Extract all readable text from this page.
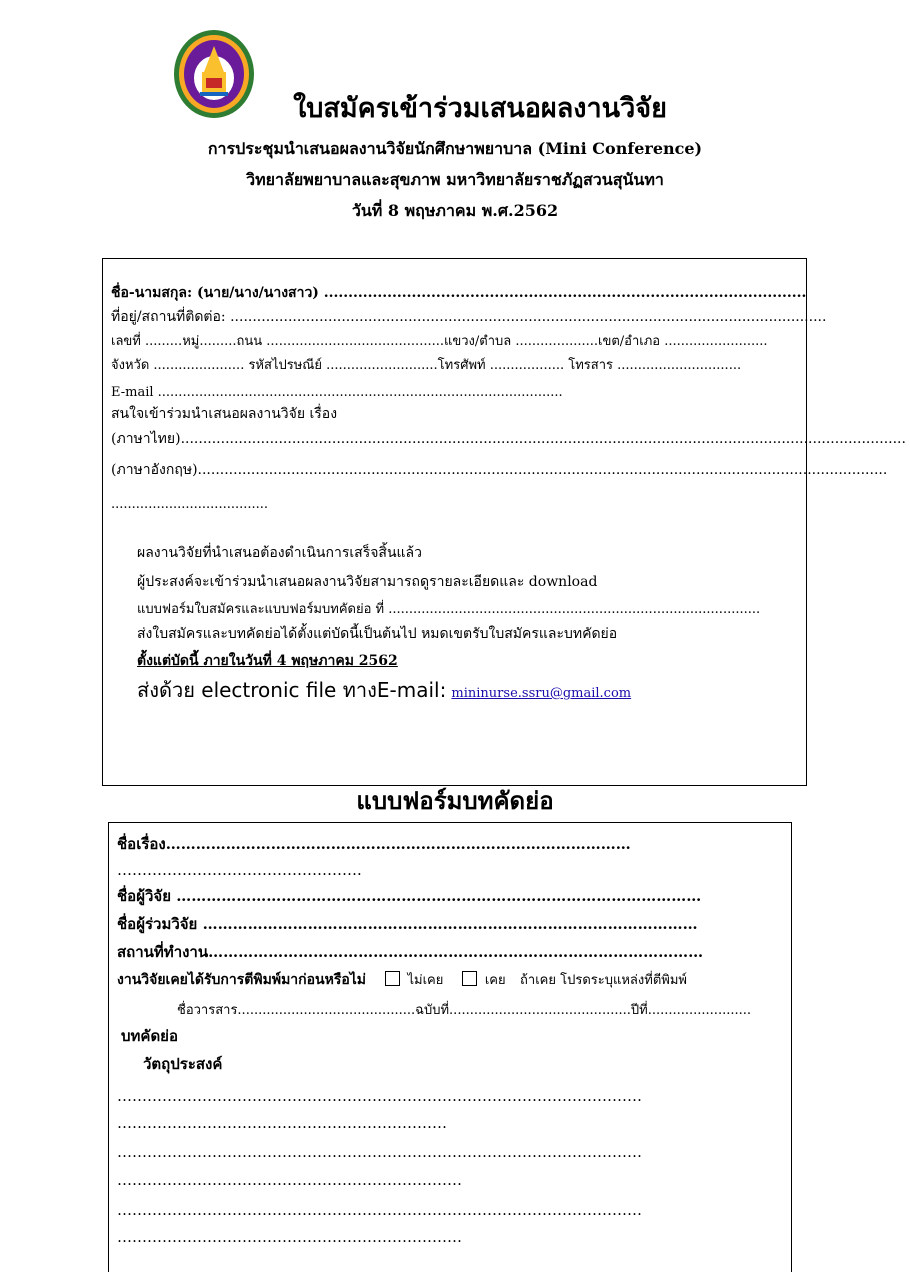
ใบสมัครเข้าร่วมเสนอผลงานวิจัย
การประชุมนำเสนอผลงานวิจัยนักศึกษาพยาบาล (Mini Conference)
วิทยาลัยพยาบาลและสุขภาพ มหาวิทยาลัยราชภัฏสวนสุนันทา
วันที่ 8 พฤษภาคม พ.ศ.2562
ชื่อ-นามสกุล: (นาย/นาง/นางสาว) ...................................................................................................
ที่อยู่/สถานที่ติดต่อ: ......................................................................................................................................
เลขที่ .........หมู่.........ถนน ...........................................แขวง/ตำบล ....................เขต/อำเภอ .........................
จังหวัด ...................... รหัสไปรษณีย์ ...........................โทรศัพท์ .................. โทรสาร ..............................
E-mail ..................................................................................................
สนใจเข้าร่วมนำเสนอผลงานวิจัย เรื่อง
(ภาษาไทย)...................................................................................................................................................................
(ภาษาอังกฤษ)...........................................................................................................................................................
......................................
ผลงานวิจัยที่นำเสนอต้องดำเนินการเสร็จสิ้นแล้ว
ผู้ประสงค์จะเข้าร่วมนำเสนอผลงานวิจัยสามารถดูรายละเอียดและ download
แบบฟอร์มใบสมัครและแบบฟอร์มบทคัดย่อ ที่ ..........................................................................................
ส่งใบสมัครและบทคัดย่อได้ตั้งแต่บัดนี้เป็นต้นไป หมดเขตรับใบสมัครและบทคัดย่อ
ตั้งแต่บัดนี้ ภายในวันที่ 4 พฤษภาคม 2562
ส่งด้วย electronic file ทางE-mail: mininurse.ssru@gmail.com
แบบฟอร์มบทคัดย่อ
ชื่อเรื่อง…………………………………………………………………………………
………………………………………….
ชื่อผู้วิจัย ……………………………………………………………………………………………
ชื่อผู้ร่วมวิจัย ………………………………………………………………………………………
สถานที่ทำงาน………………………………………………………………………………………
งานวิจัยเคยได้รับการตีพิมพ์มาก่อนหรือไม่	ไม่เคย	เคย ถ้าเคย โปรดระบุแหล่งที่ตีพิมพ์
ชื่อวารสาร...........................................ฉบับที่............................................ปีที่.........................
บทคัดย่อ
วัตถุประสงค์
……………………………………………………………………………………………
…………………………………………………………
……………………………………………………………………………………………
……………………………………………………………
……………………………………………………………………………………………
……………………………………………………………
